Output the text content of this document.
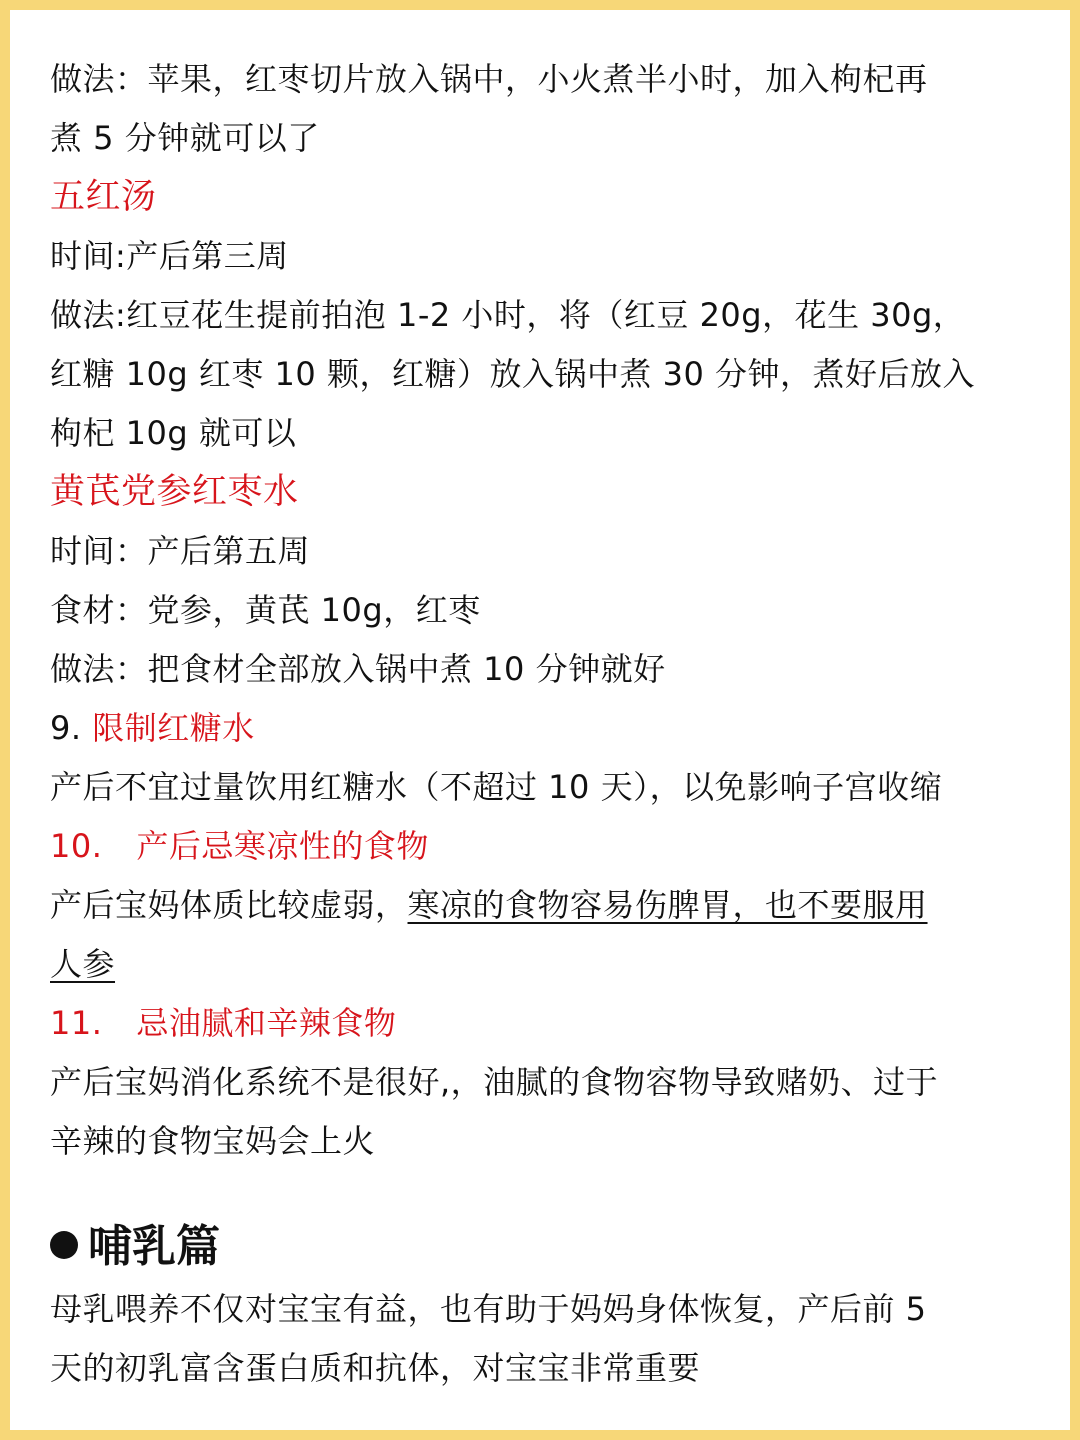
做法：苹果，红枣切片放入锅中，小火煮半小时，加入枸杞再
煮 5 分钟就可以了
五红汤
时间:产后第三周
做法:红豆花生提前拍泡 1-2 小时，将（红豆 20g，花生 30g，
红糖 10g 红枣 10 颗，红糖）放入锅中煮 30 分钟，煮好后放入
枸杞 10g 就可以
黄芪党参红枣水
时间：产后第五周
食材：党参，黄芪 10g，红枣
做法：把食材全部放入锅中煮 10 分钟就好
9. 限制红糖水
产后不宜过量饮用红糖水（不超过 10 天），以免影响子宫收缩
10. 产后忌寒凉性的食物
产后宝妈体质比较虚弱，寒凉的食物容易伤脾胃，也不要服用
人参
11. 忌油腻和辛辣食物
产后宝妈消化系统不是很好,，油腻的食物容物导致赌奶、过于
辛辣的食物宝妈会上火
哺乳篇
母乳喂养不仅对宝宝有益，也有助于妈妈身体恢复，产后前 5
天的初乳富含蛋白质和抗体，对宝宝非常重要
